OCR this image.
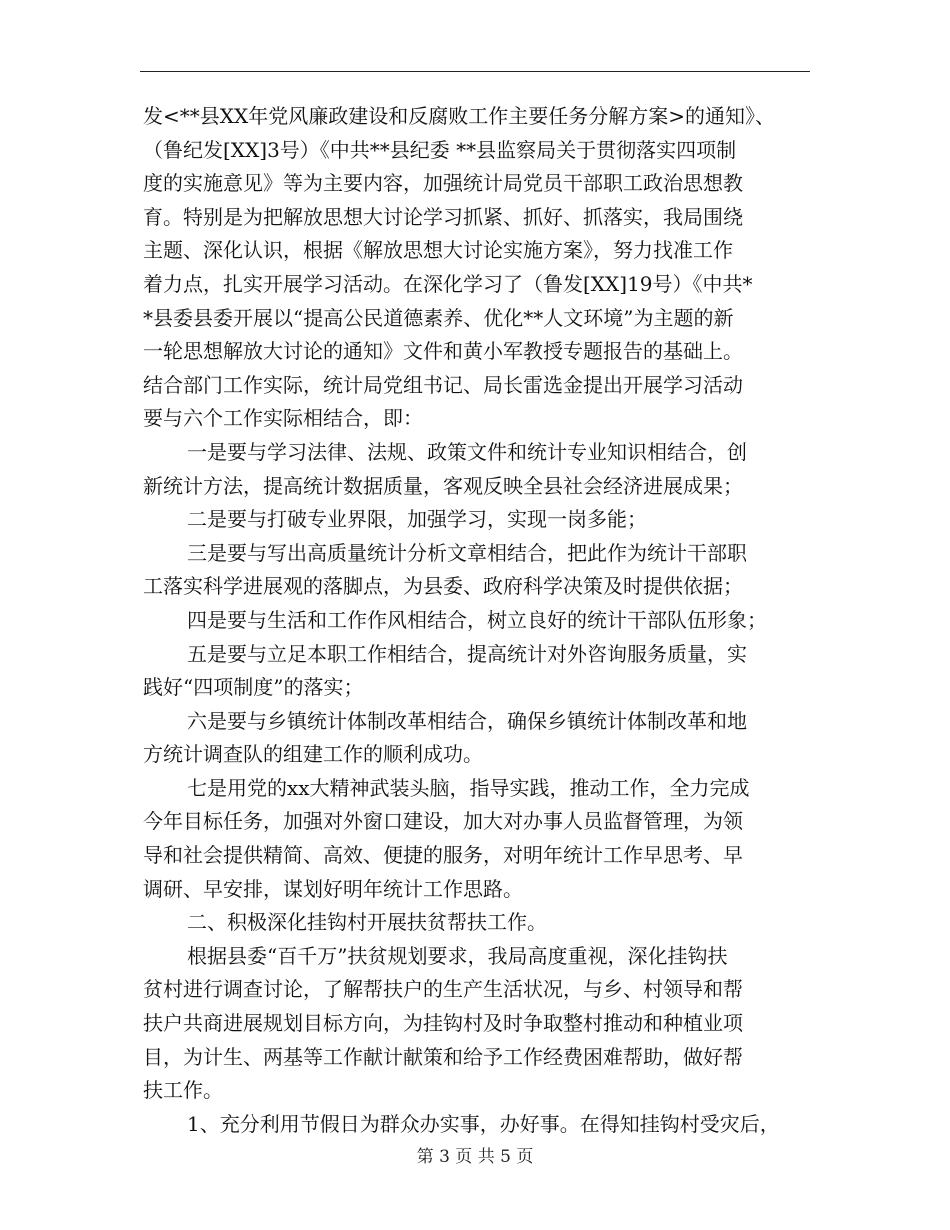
发<**县XX年党风廉政建设和反腐败工作主要任务分解方案>的通知》、
（鲁纪发[XX]3号）《中共**县纪委 **县监察局关于贯彻落实四项制
度的实施意见》等为主要内容，加强统计局党员干部职工政治思想教
育。特别是为把解放思想大讨论学习抓紧、抓好、抓落实，我局围绕
主题、深化认识，根据《解放思想大讨论实施方案》，努力找准工作
着力点，扎实开展学习活动。在深化学习了（鲁发[XX]19号）《中共*
*县委县委开展以“提高公民道德素养、优化**人文环境”为主题的新
一轮思想解放大讨论的通知》文件和黄小军教授专题报告的基础上。
结合部门工作实际，统计局党组书记、局长雷选金提出开展学习活动
要与六个工作实际相结合，即：
一是要与学习法律、法规、政策文件和统计专业知识相结合，创
新统计方法，提高统计数据质量，客观反映全县社会经济进展成果；
二是要与打破专业界限，加强学习，实现一岗多能；
三是要与写出高质量统计分析文章相结合，把此作为统计干部职
工落实科学进展观的落脚点，为县委、政府科学决策及时提供依据；
四是要与生活和工作作风相结合，树立良好的统计干部队伍形象；
五是要与立足本职工作相结合，提高统计对外咨询服务质量，实
践好“四项制度”的落实；
六是要与乡镇统计体制改革相结合，确保乡镇统计体制改革和地
方统计调查队的组建工作的顺利成功。
七是用党的xx大精神武装头脑，指导实践，推动工作，全力完成
今年目标任务，加强对外窗口建设，加大对办事人员监督管理，为领
导和社会提供精简、高效、便捷的服务，对明年统计工作早思考、早
调研、早安排，谋划好明年统计工作思路。
二、积极深化挂钩村开展扶贫帮扶工作。
根据县委“百千万”扶贫规划要求，我局高度重视，深化挂钩扶
贫村进行调查讨论，了解帮扶户的生产生活状况，与乡、村领导和帮
扶户共商进展规划目标方向，为挂钩村及时争取整村推动和种植业项
目，为计生、两基等工作献计献策和给予工作经费困难帮助，做好帮
扶工作。
1、充分利用节假日为群众办实事，办好事。在得知挂钩村受灾后，
第 3 页 共 5 页
